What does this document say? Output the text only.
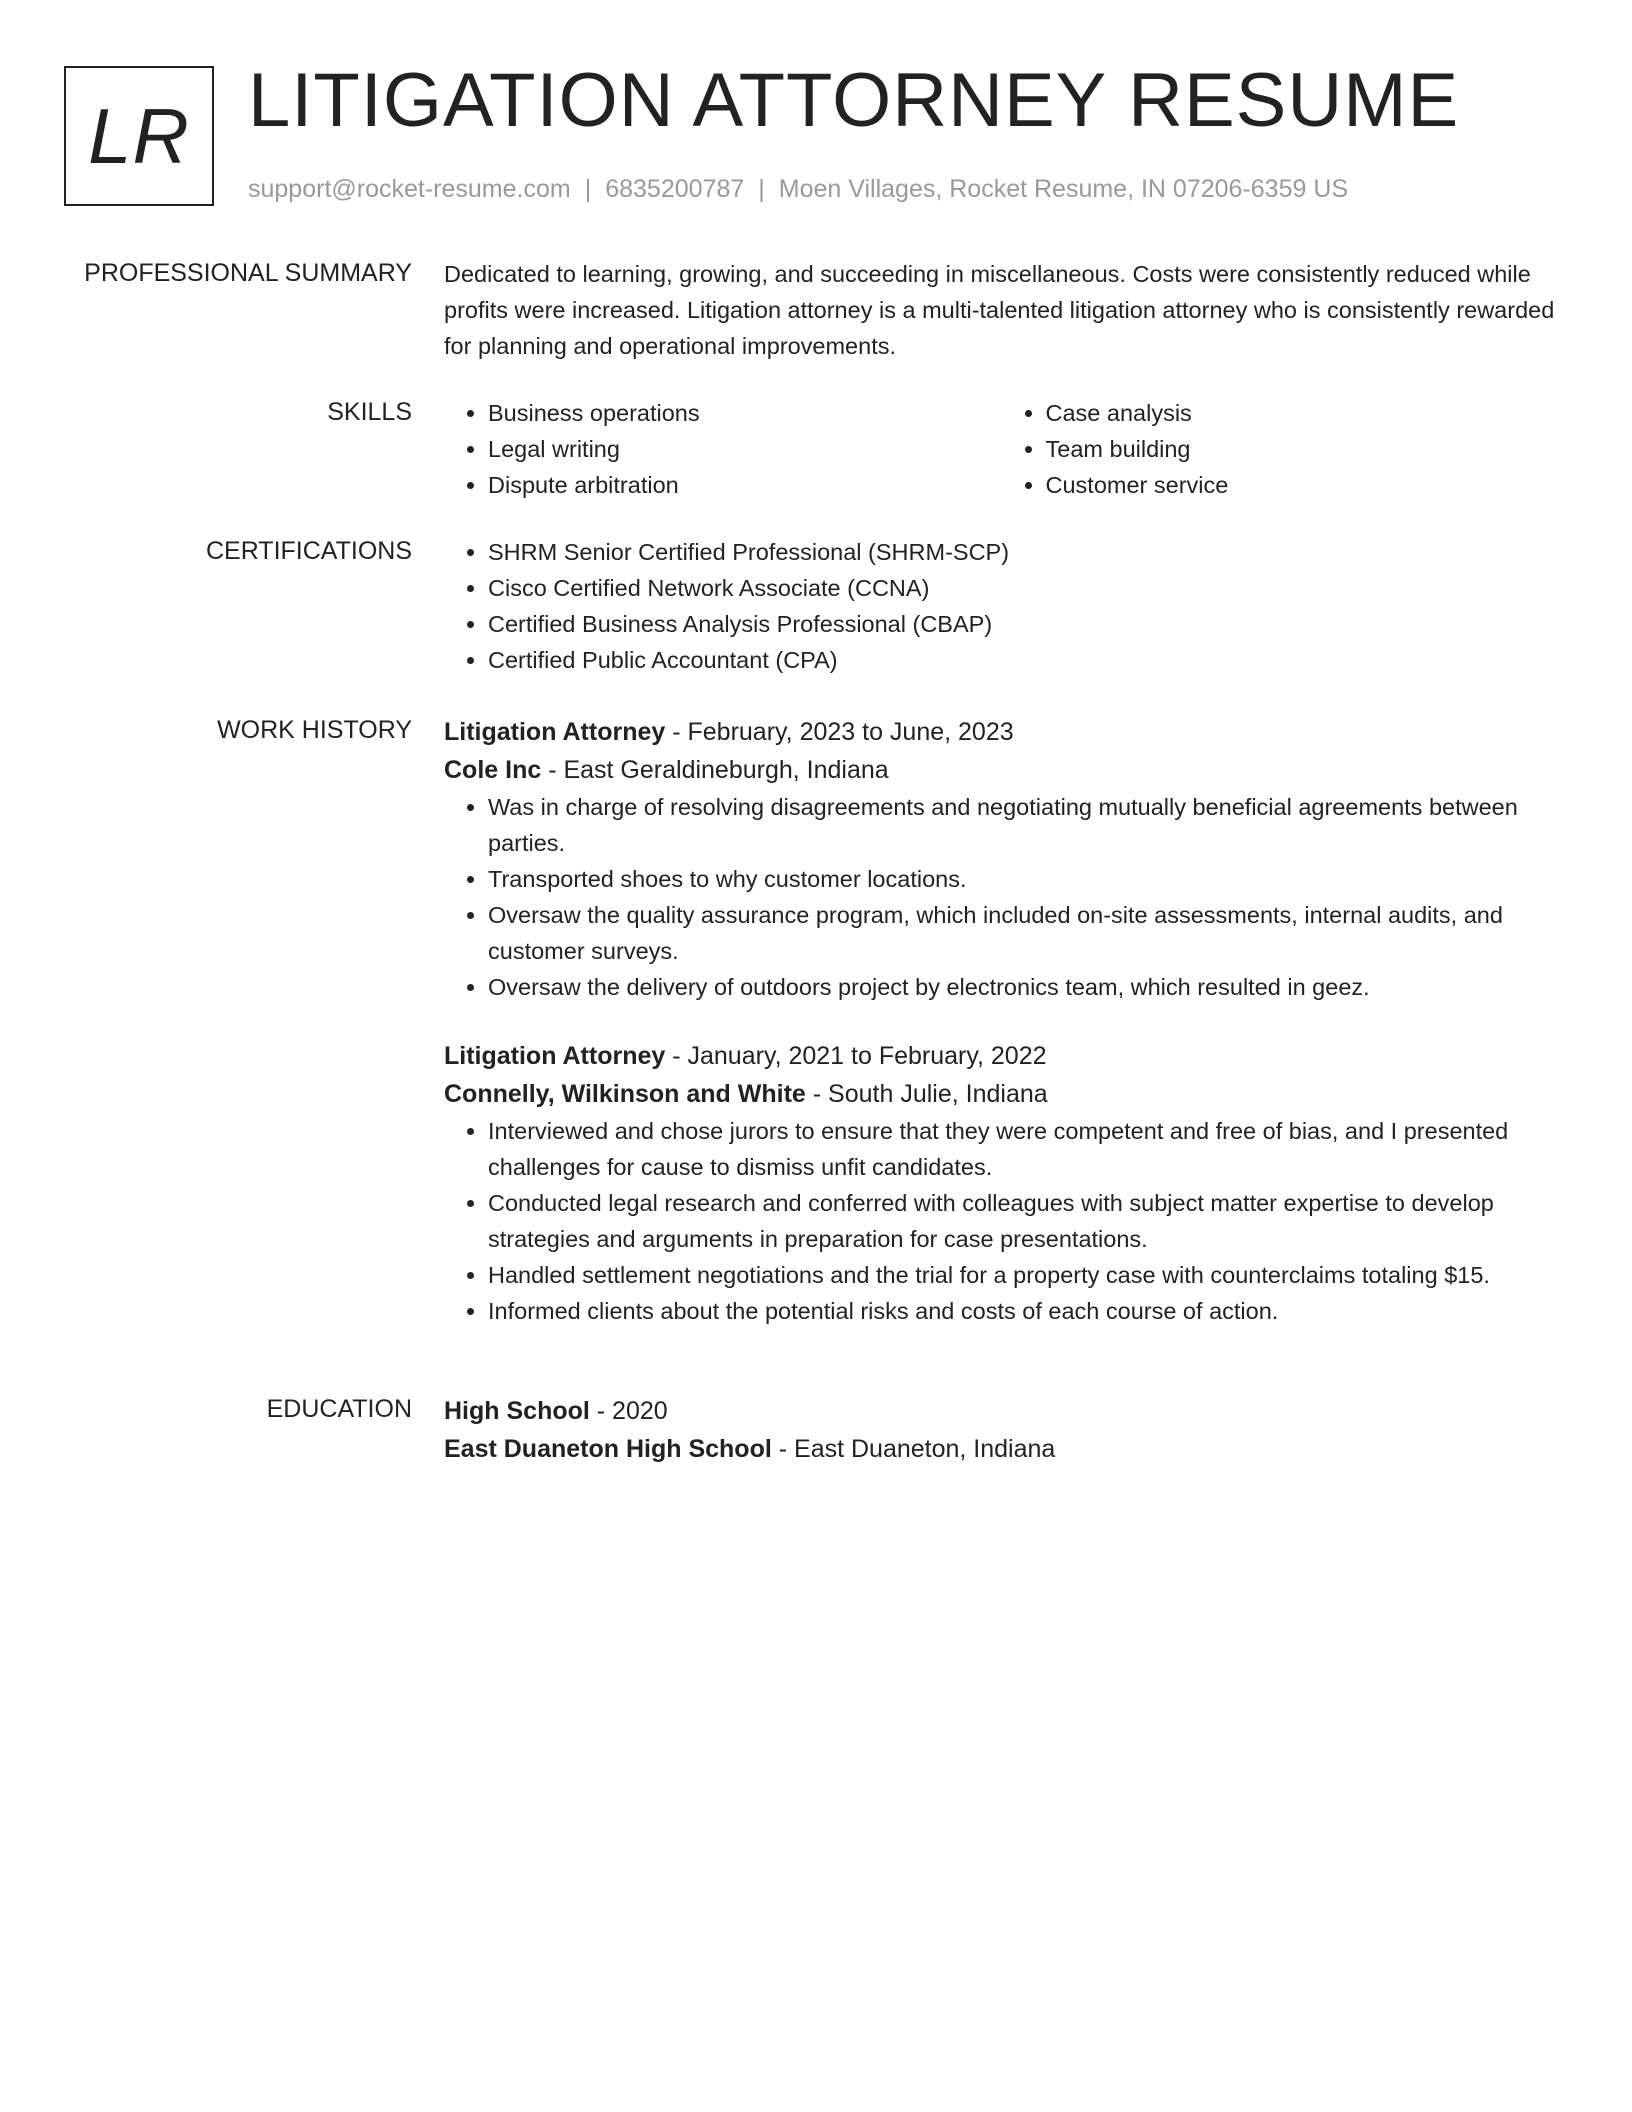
LR LITIGATION ATTORNEY RESUME
support@rocket-resume.com | 6835200787 | Moen Villages, Rocket Resume, IN 07206-6359 US
PROFESSIONAL SUMMARY Dedicated to learning, growing, and succeeding in miscellaneous. Costs were consistently reduced while profits were increased. Litigation attorney is a multi-talented litigation attorney who is consistently rewarded for planning and operational improvements.

SKILLS	• Business operations
• Legal writing
• Dispute arbitration
• Case analysis
• Team building
• Customer service
CERTIFICATIONS	• SHRM Senior Certified Professional (SHRM-SCP)
• Cisco Certified Network Associate (CCNA)
• Certified Business Analysis Professional (CBAP)
• Certified Public Accountant (CPA)
WORK HISTORY Litigation Attorney - February, 2023 to June, 2023

Cole Inc - East Geraldineburgh, Indiana

• Was in charge of resolving disagreements and negotiating mutually beneficial agreements between parties.
• Transported shoes to why customer locations.
• Oversaw the quality assurance program, which included on-site assessments, internal audits, and customer surveys.
• Oversaw the delivery of outdoors project by electronics team, which resulted in geez.

Litigation Attorney - January, 2021 to February, 2022

Connelly, Wilkinson and White - South Julie, Indiana

• Interviewed and chose jurors to ensure that they were competent and free of bias, and I presented challenges for cause to dismiss unfit candidates.
• Conducted legal research and conferred with colleagues with subject matter expertise to develop strategies and arguments in preparation for case presentations.
• Handled settlement negotiations and the trial for a property case with counterclaims totaling $15.
• Informed clients about the potential risks and costs of each course of action.
EDUCATION High School - 2020

East Duaneton High School - East Duaneton, Indiana
